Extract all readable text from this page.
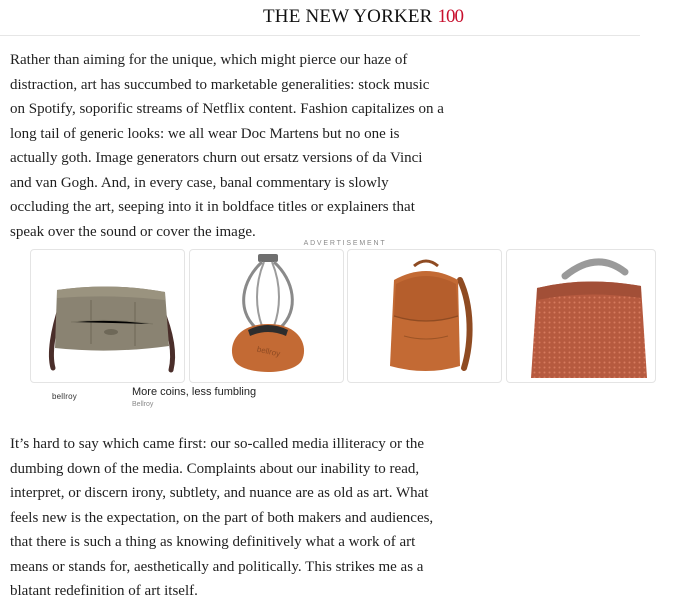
THE NEW YORKER 100
Rather than aiming for the unique, which might pierce our haze of
distraction, art has succumbed to marketable generalities: stock music
on Spotify, soporific streams of Netflix content. Fashion capitalizes on a
long tail of generic looks: we all wear Doc Martens but no one is
actually goth. Image generators churn out ersatz versions of da Vinci
and van Gogh. And, in every case, banal commentary is slowly
occluding the art, seeping into it in boldface titles or explainers that
speak over the sound or cover the image.
ADVERTISEMENT
bellroy
bellroy	More coins, less fumbling
Bellroy
It’s hard to say which came first: our so-called media illiteracy or the
dumbing down of the media. Complaints about our inability to read,
interpret, or discern irony, subtlety, and nuance are as old as art. What
feels new is the expectation, on the part of both makers and audiences,
that there is such a thing as knowing definitively what a work of art
means or stands for, aesthetically and politically. This strikes me as a
blatant redefinition of art itself.
